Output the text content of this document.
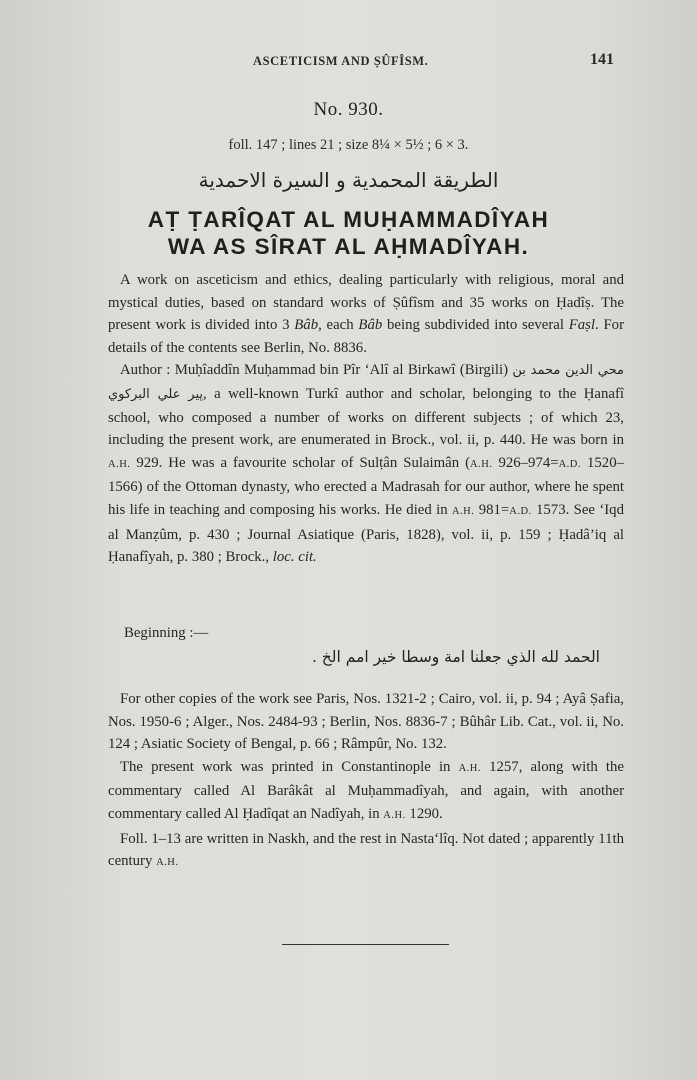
ASCETICISM AND ṢÛFÎSM.	141
No. 930.
foll. 147 ; lines 21 ; size 8¼ × 5½ ; 6 × 3.
الطريقة المحمدية و السيرة الاحمدية
AṬ ṬARÎQAT AL MUḤAMMADÎYAH
WA AS SÎRAT AL AḤMADÎYAH.

A work on asceticism and ethics, dealing particularly with religious, moral and mystical duties, based on standard works of Ṣûfîsm and 35 works on Ḥadîṣ. The present work is divided into 3 Bâb, each Bâb being subdivided into several Faṣl. For details of the contents see Berlin, No. 8836.

Author : Muḥîaddîn Muḥammad bin Pîr ‘Alî al Birkawî (Birgili) محي الدين محمد بن پير علي البركوي, a well-known Turkî author and scholar, belonging to the Ḥanafî school, who composed a number of works on different subjects ; of which 23, including the present work, are enumerated in Brock., vol. ii, p. 440. He was born in A.H. 929. He was a favourite scholar of Sulṭân Sulaimân (A.H. 926–974=A.D. 1520–1566) of the Ottoman dynasty, who erected a Madrasah for our author, where he spent his life in teaching and composing his works. He died in A.H. 981=A.D. 1573. See ‘Iqd al Manẓûm, p. 430 ; Journal Asiatique (Paris, 1828), vol. ii, p. 159 ; Ḥadâ’iq al Ḥanafîyah, p. 380 ; Brock., loc. cit.

Beginning :—
الحمد لله الذي جعلنا امة وسطا خير امم الخ .

For other copies of the work see Paris, Nos. 1321-2 ; Cairo, vol. ii, p. 94 ; Ayâ Ṣafia, Nos. 1950-6 ; Alger., Nos. 2484-93 ; Berlin, Nos. 8836-7 ; Bûhâr Lib. Cat., vol. ii, No. 124 ; Asiatic Society of Bengal, p. 66 ; Râmpûr, No. 132.

The present work was printed in Constantinople in A.H. 1257, along with the commentary called Al Barâkât al Muḥammadîyah, and again, with another commentary called Al Ḥadîqat an Nadîyah, in A.H. 1290.

Foll. 1–13 are written in Naskh, and the rest in Nasta‘lîq. Not dated ; apparently 11th century A.H.
